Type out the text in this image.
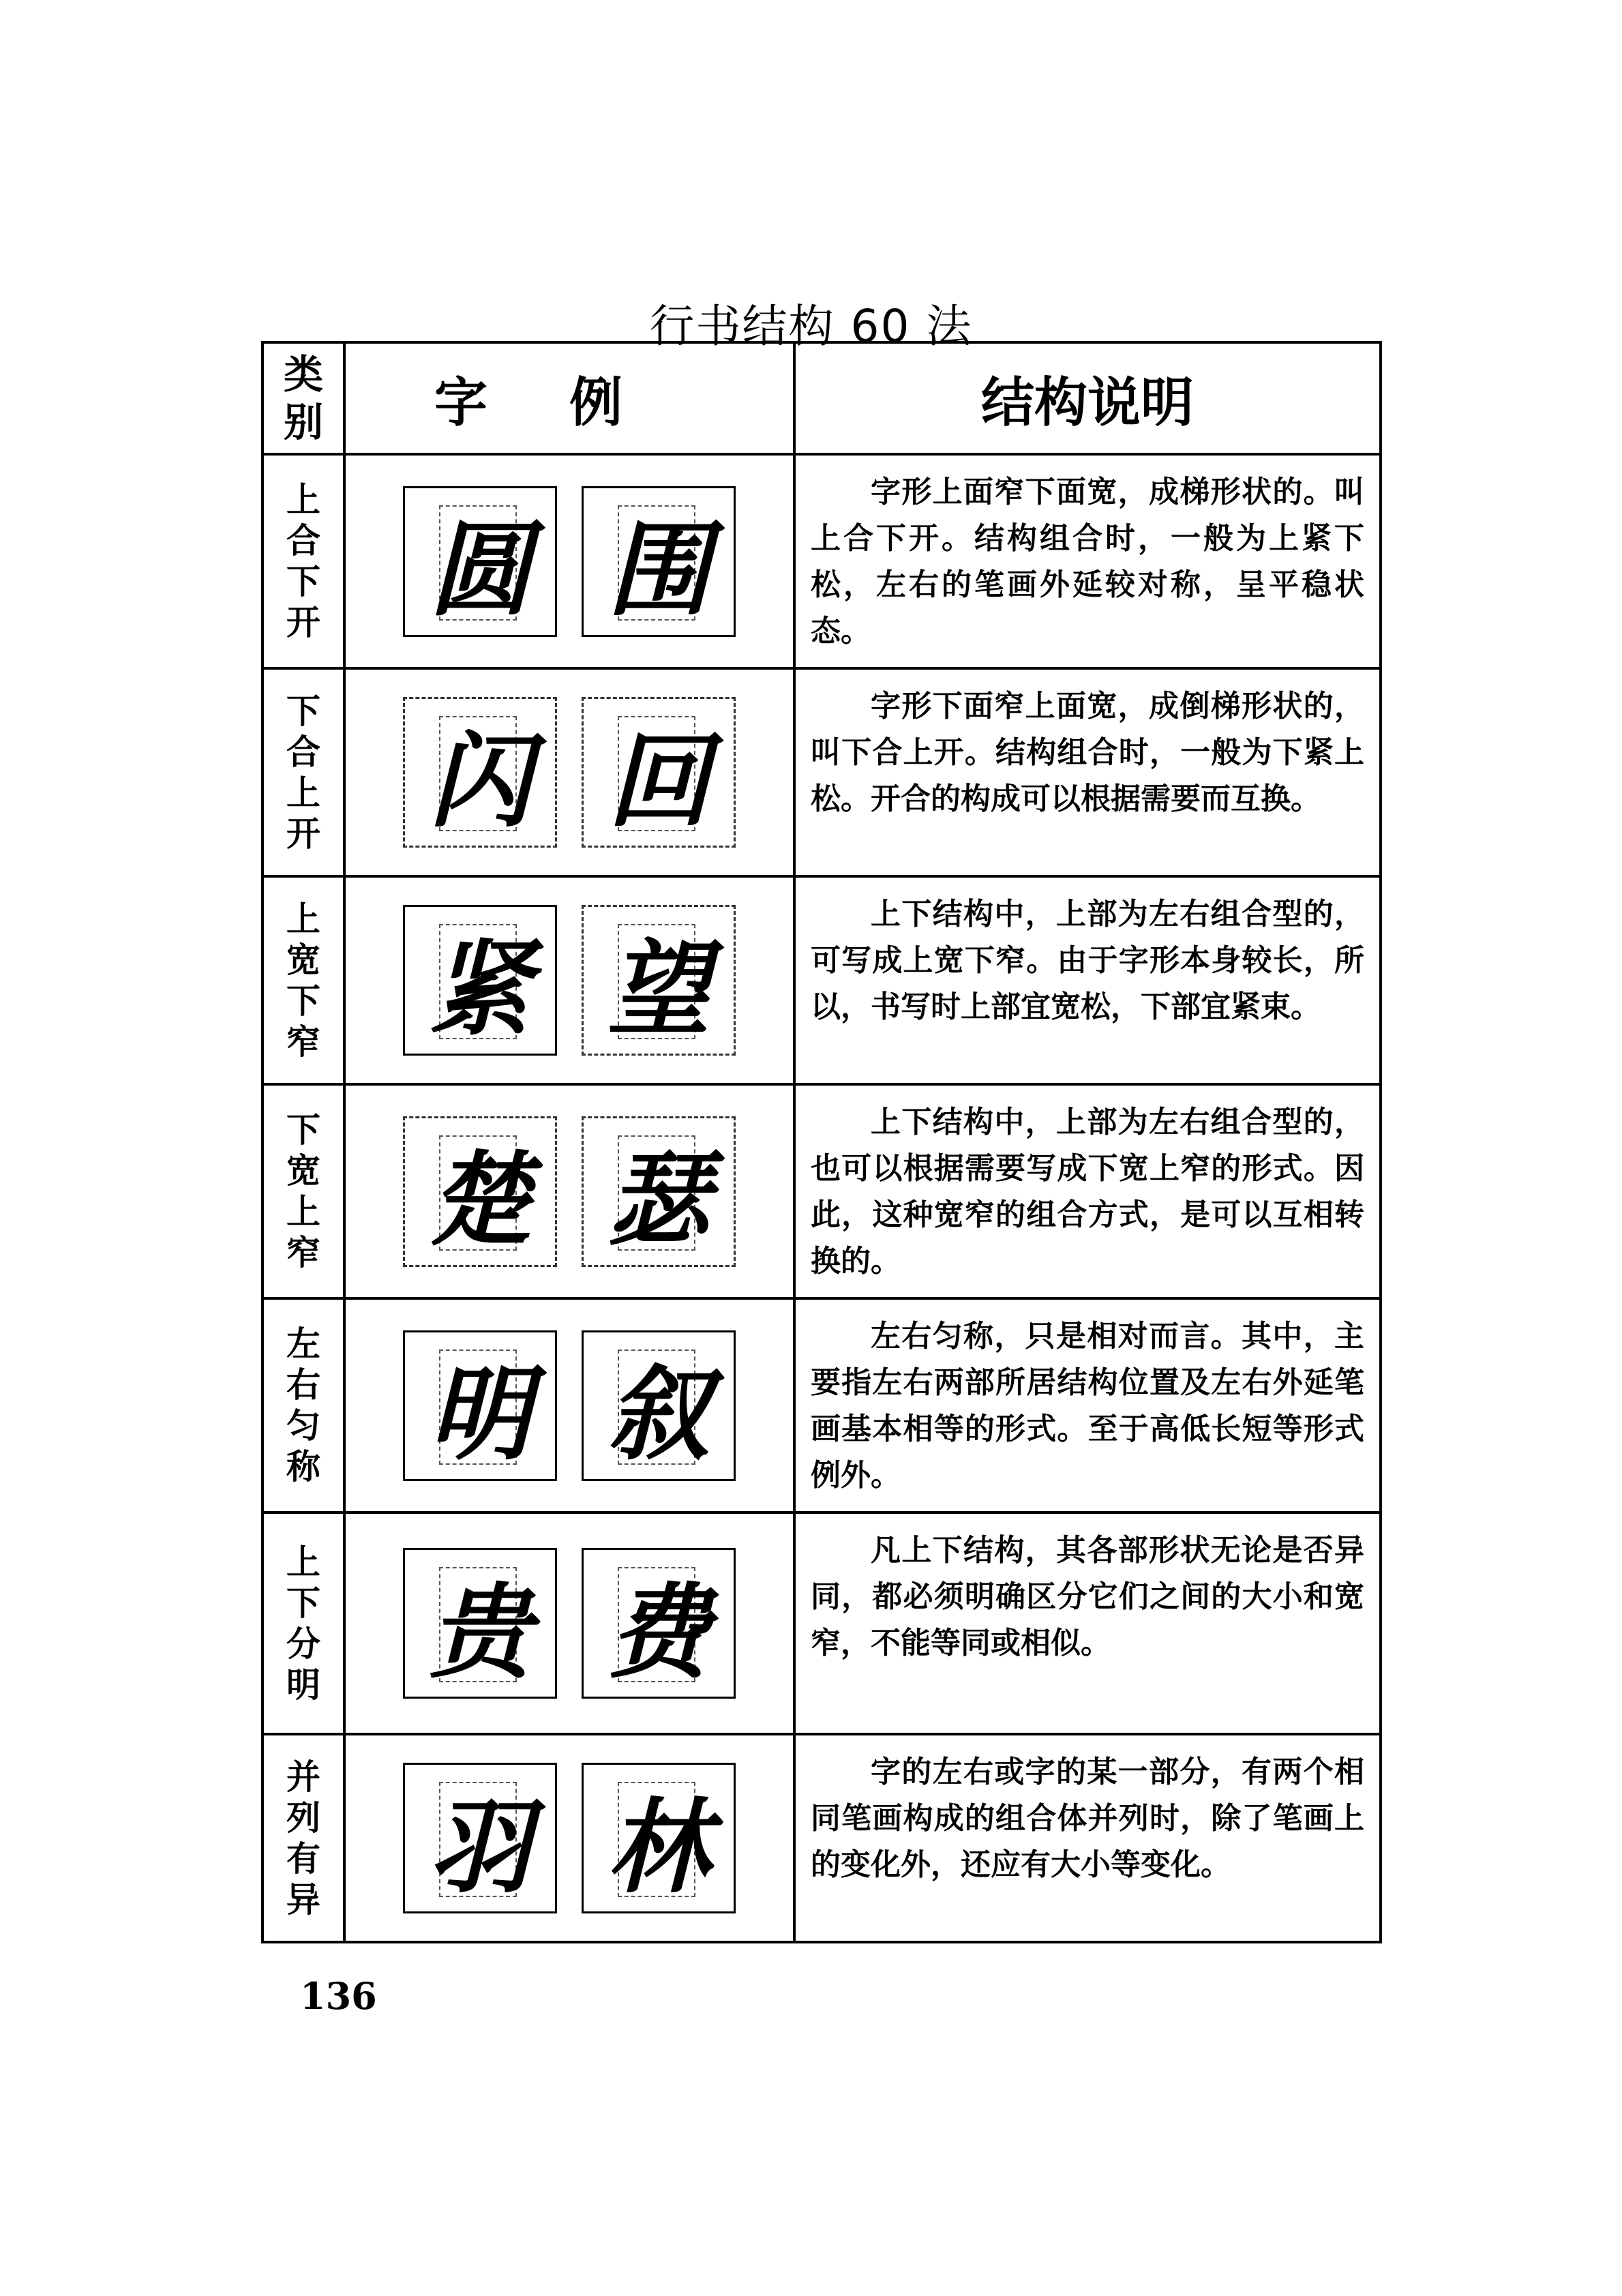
行书结构 60 法
类别	字例	结构说明

上合下开	圆 围	字形上面窄下面宽，成梯形状的。叫上合下开。结构组合时，一般为上紧下松，左右的笔画外延较对称，呈平稳状态。

下合上开	闪 回	字形下面窄上面宽，成倒梯形状的，叫下合上开。结构组合时，一般为下紧上松。开合的构成可以根据需要而互换。

上宽下窄	紧 望	上下结构中，上部为左右组合型的，可写成上宽下窄。由于字形本身较长，所以，书写时上部宜宽松，下部宜紧束。

下宽上窄	楚 瑟	上下结构中，上部为左右组合型的，也可以根据需要写成下宽上窄的形式。因此，这种宽窄的组合方式，是可以互相转换的。

左右匀称	明 叙	左右匀称，只是相对而言。其中，主要指左右两部所居结构位置及左右外延笔画基本相等的形式。至于高低长短等形式例外。

上下分明	贵 费	凡上下结构，其各部形状无论是否异同，都必须明确区分它们之间的大小和宽窄，不能等同或相似。

并列有异	羽 林	字的左右或字的某一部分，有两个相同笔画构成的组合体并列时，除了笔画上的变化外，还应有大小等变化。

136
